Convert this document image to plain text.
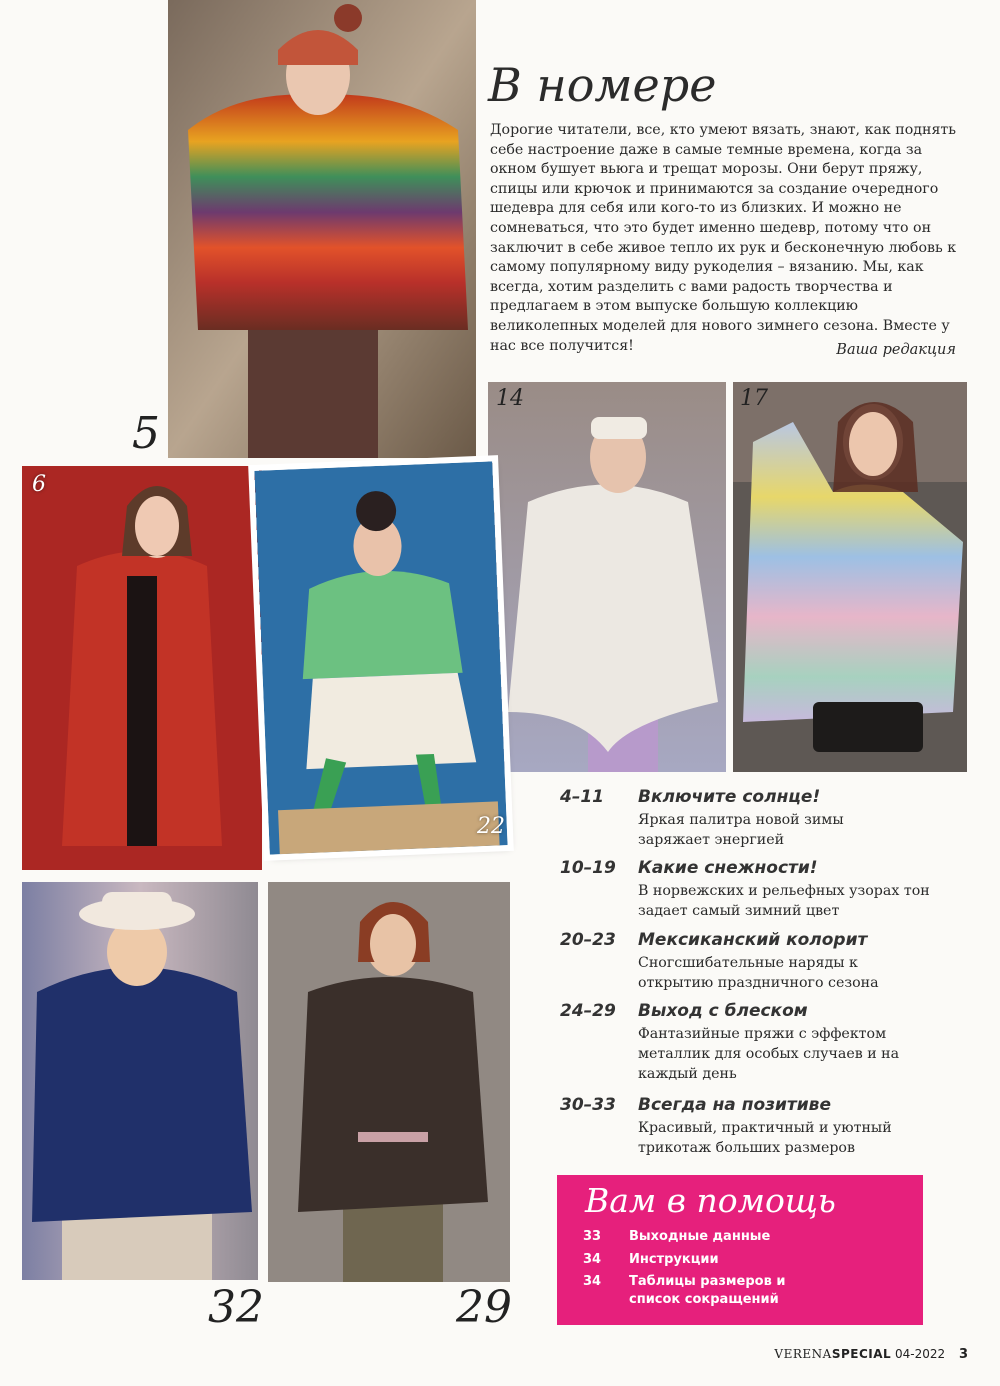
5
В номере

Дорогие читатели, все, кто умеют вязать, знают, как поднять себе настроение даже в самые темные времена, когда за окном бушует вьюга и трещат морозы. Они берут пряжу, спицы или крючок и принимаются за создание очередного шедевра для себя или кого-то из близких. И можно не сомневаться, что это будет именно шедевр, потому что он заключит в себе живое тепло их рук и бесконечную любовь к самому популярному виду рукоделия – вязанию. Мы, как всегда, хотим разделить с вами радость творчества и предлагаем в этом выпуске большую коллекцию великолепных моделей для нового зимнего сезона. Вместе у нас все получится!	Ваша редакция
14	17
6
22
32	29
4–11	Включите солнце!
Яркая палитра новой зимы заряжает энергией
10–19	Какие снежности!
В норвежских и рельефных узорах тон задает самый зимний цвет
20–23	Мексиканский колорит
Сногсшибательные наряды к открытию праздничного сезона
24–29	Выход с блеском
Фантазийные пряжи с эффектом металлик для особых случаев и на каждый день
30–33	Всегда на позитиве
Красивый, практичный и уютный трикотаж больших размеров
Вам в помощь
33	Выходные данные
34	Инструкции
34	Таблицы размеров и список сокращений
VERENASPECIAL 04-2022 3
